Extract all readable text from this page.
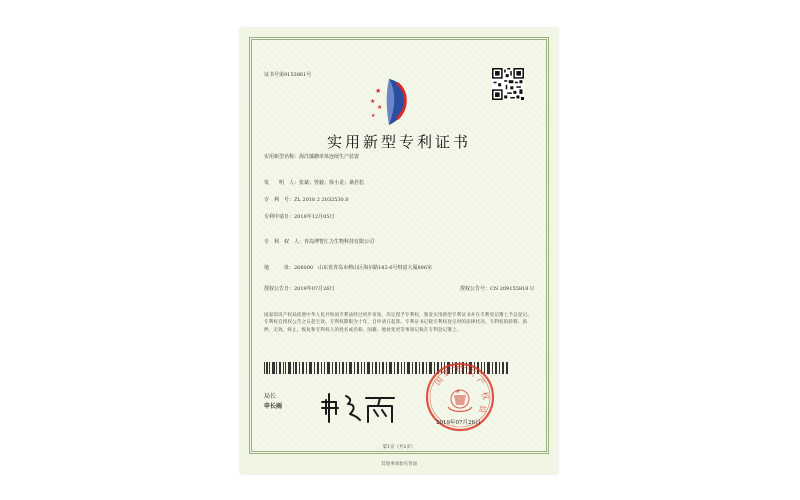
证书号第9153861号
★
★
★
★
实用新型专利证书
实用新型名称：海洋藻糖单体连续生产装置
发　　明　人：张斌；曾毅；徐小龙；桑若松
专　利　号：ZL 2018 2 2032530.0
专利申请日：2018年12月05日
专　利　权　人：青岛博智汇力生物科技有限公司
地　　　址：266000　山东省青岛市崂山区海尔路182-6号财富大厦806室
授权公告日：2019年07月26日	授权公告号：CN 209155818 U
国家知识产权局依照中华人民共和国专利法经过初步审查，决定授予专利权，颁发实用新型专利证书并在专利登记簿上予以登记。专利权自授权公告之日起生效。专利权期限为十年，自申请日起算。专利证书记载专利权登记时的法律状况。专利权的转移、质押、无效、终止、恢复和专利权人的姓名或名称、国籍、地址变更等事项记载在专利登记簿上。
局长
申长雨
国
家 知 识
产
权
局
★
2019年07月26日
第1页（共2页）
其他事项参见背面
